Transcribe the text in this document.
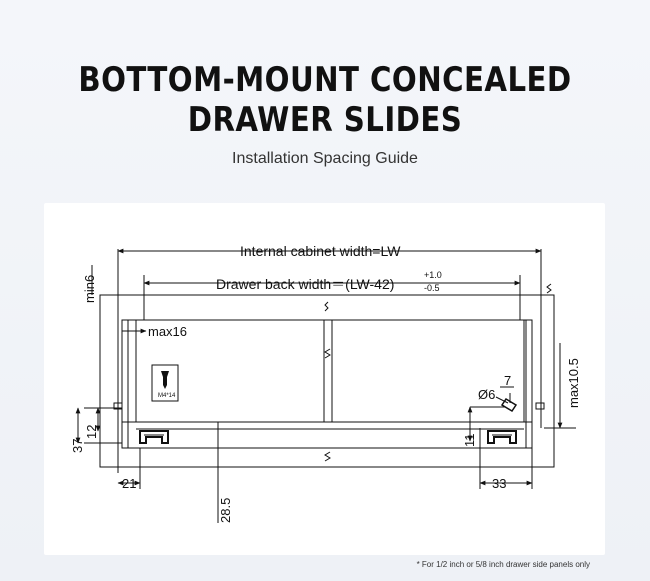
BOTTOM-MOUNT CONCEALED
DRAWER SLIDES
Installation Spacing Guide
M4*14
Internal cabinet width=LW
Drawer back width＝(LW-42)
+1.0
-0.5
min6
max16
37
12
21
28.5
7
Ø6
11
33
max10.5
* For 1/2 inch or 5/8 inch drawer side panels only
